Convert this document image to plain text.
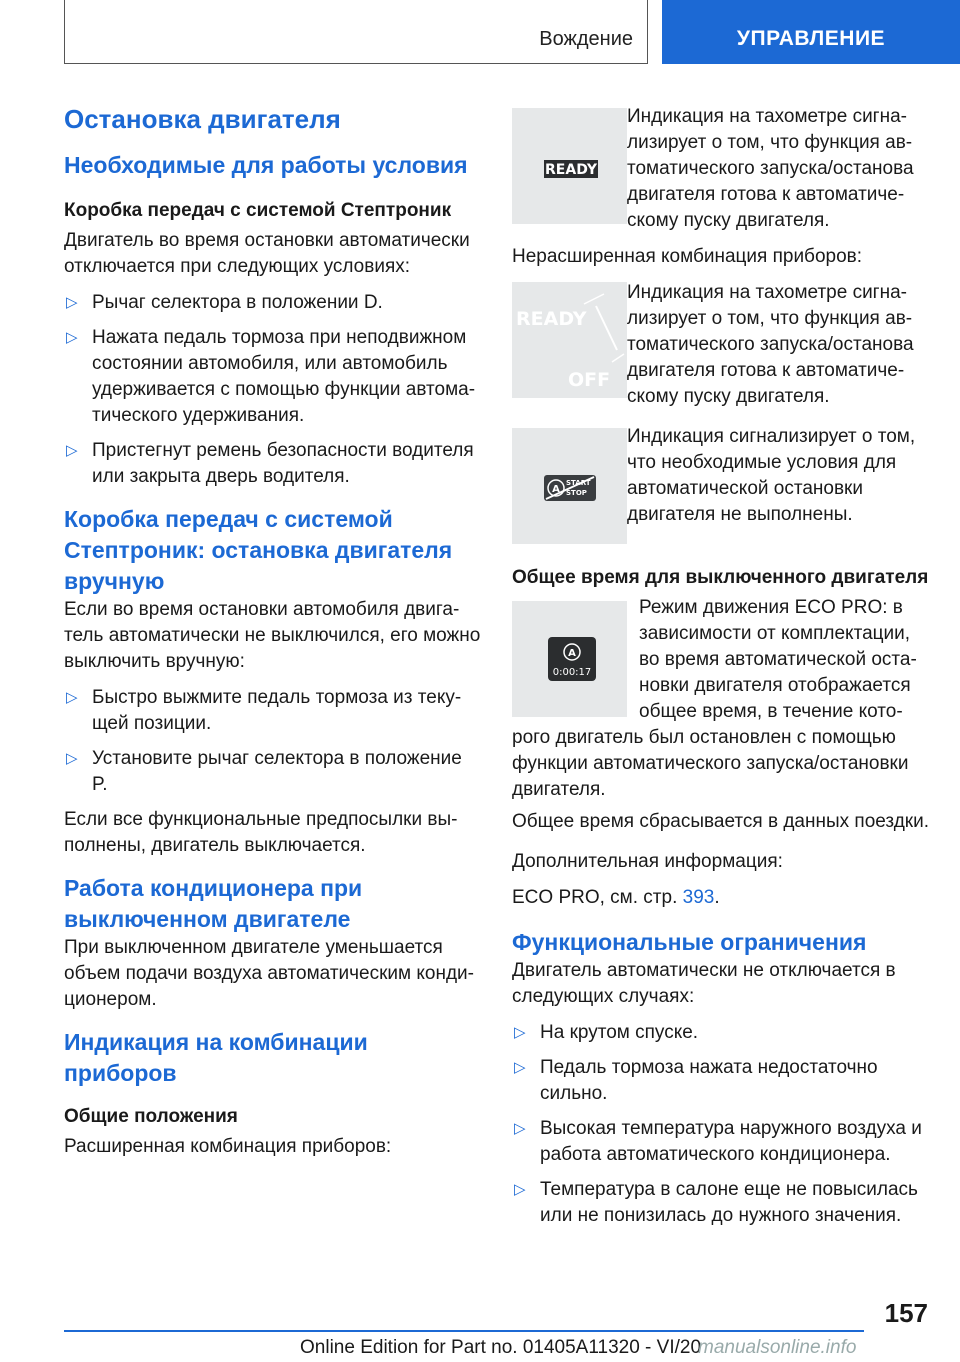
Вождение	УПРАВЛЕНИЕ
Остановка двигателя
Необходимые для работы условия
Коробка передач с системой Стептроник

Двигатель во время остановки автоматически отключается при следующих условиях:

▷ Рычаг селектора в положении D.
▷ Нажата педаль тормоза при неподвижном состоянии автомобиля, или автомобиль удерживается с помощью функции автома-тического удерживания.
▷ Пристегнут ремень безопасности водителя или закрыта дверь водителя.
Коробка передач с системой Стептроник: остановка двигателя вручную

Если во время остановки автомобиля двига-тель автоматически не выключился, его можно выключить вручную:

▷ Быстро выжмите педаль тормоза из теку-щей позиции.
▷ Установите рычаг селектора в положение P.

Если все функциональные предпосылки вы-полнены, двигатель выключается.

Работа кондиционера при выключенном двигателе

При выключенном двигателе уменьшается объем подачи воздуха автоматическим конди-ционером.

Индикация на комбинации приборов
Общие положения

Расширенная комбинация приборов:

READY
Индикация на тахометре сигна-лизирует о том, что функция ав-томатического запуска/останова двигателя готова к автоматиче-скому пуску двигателя.

Нерасширенная комбинация приборов:

READY
OFF
Индикация на тахометре сигна-лизирует о том, что функция ав-томатического запуска/останова двигателя готова к автоматиче-скому пуску двигателя.
A
START
STOP
Индикация сигнализирует о том, что необходимые условия для автоматической остановки двигателя не выполнены.
Общее время для выключенного двигателя
A
0:00:17
Режим движения ECO PRO: в зависимости от комплектации, во время автоматической оста-новки двигателя отображается общее время, в течение кото-рого двигатель был остановлен с помощью функции автоматического запуска/остановки двигателя.

Общее время сбрасывается в данных поездки.

Дополнительная информация:

ECO PRO, см. стр. 393.

Функциональные ограничения

Двигатель автоматически не отключается в следующих случаях:

▷ На крутом спуске.
▷ Педаль тормоза нажата недостаточно сильно.
▷ Высокая температура наружного воздуха и работа автоматического кондиционера.
▷ Температура в салоне еще не повысилась или не понизилась до нужного значения.
157
Online Edition for Part no. 01405A11320 - VI/20
manualsonline.info
